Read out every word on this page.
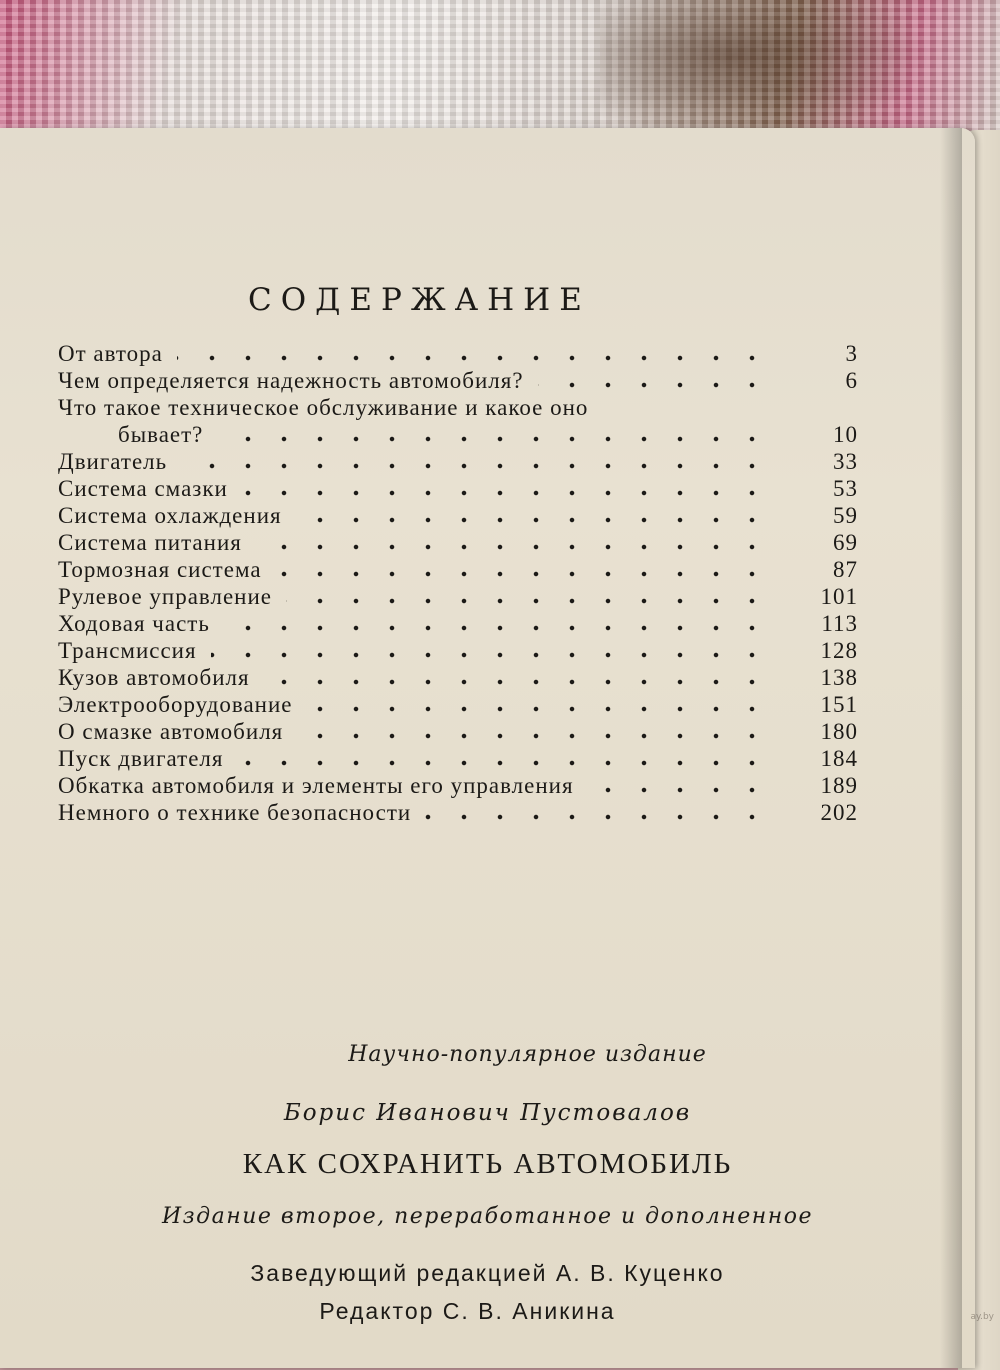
СОДЕРЖАНИЕ
От автора	3
Чем определяется надежность автомобиля?	6
Что такое техническое обслуживание и какое оно
бывает?	10
Двигатель	33
Система смазки	53
Система охлаждения	59
Система питания	69
Тормозная система	87
Рулевое управление	101
Ходовая часть	113
Трансмиссия	128
Кузов автомобиля	138
Электрооборудование	151
О смазке автомобиля	180
Пуск двигателя	184
Обкатка автомобиля и элементы его управления	189
Немного о технике безопасности	202
Научно-популярное издание
Борис Иванович Пустовалов
КАК СОХРАНИТЬ АВТОМОБИЛЬ
Издание второе, переработанное и дополненное
Заведующий редакцией А. В. Куценко
Редактор С. В. Аникина	ay.by
